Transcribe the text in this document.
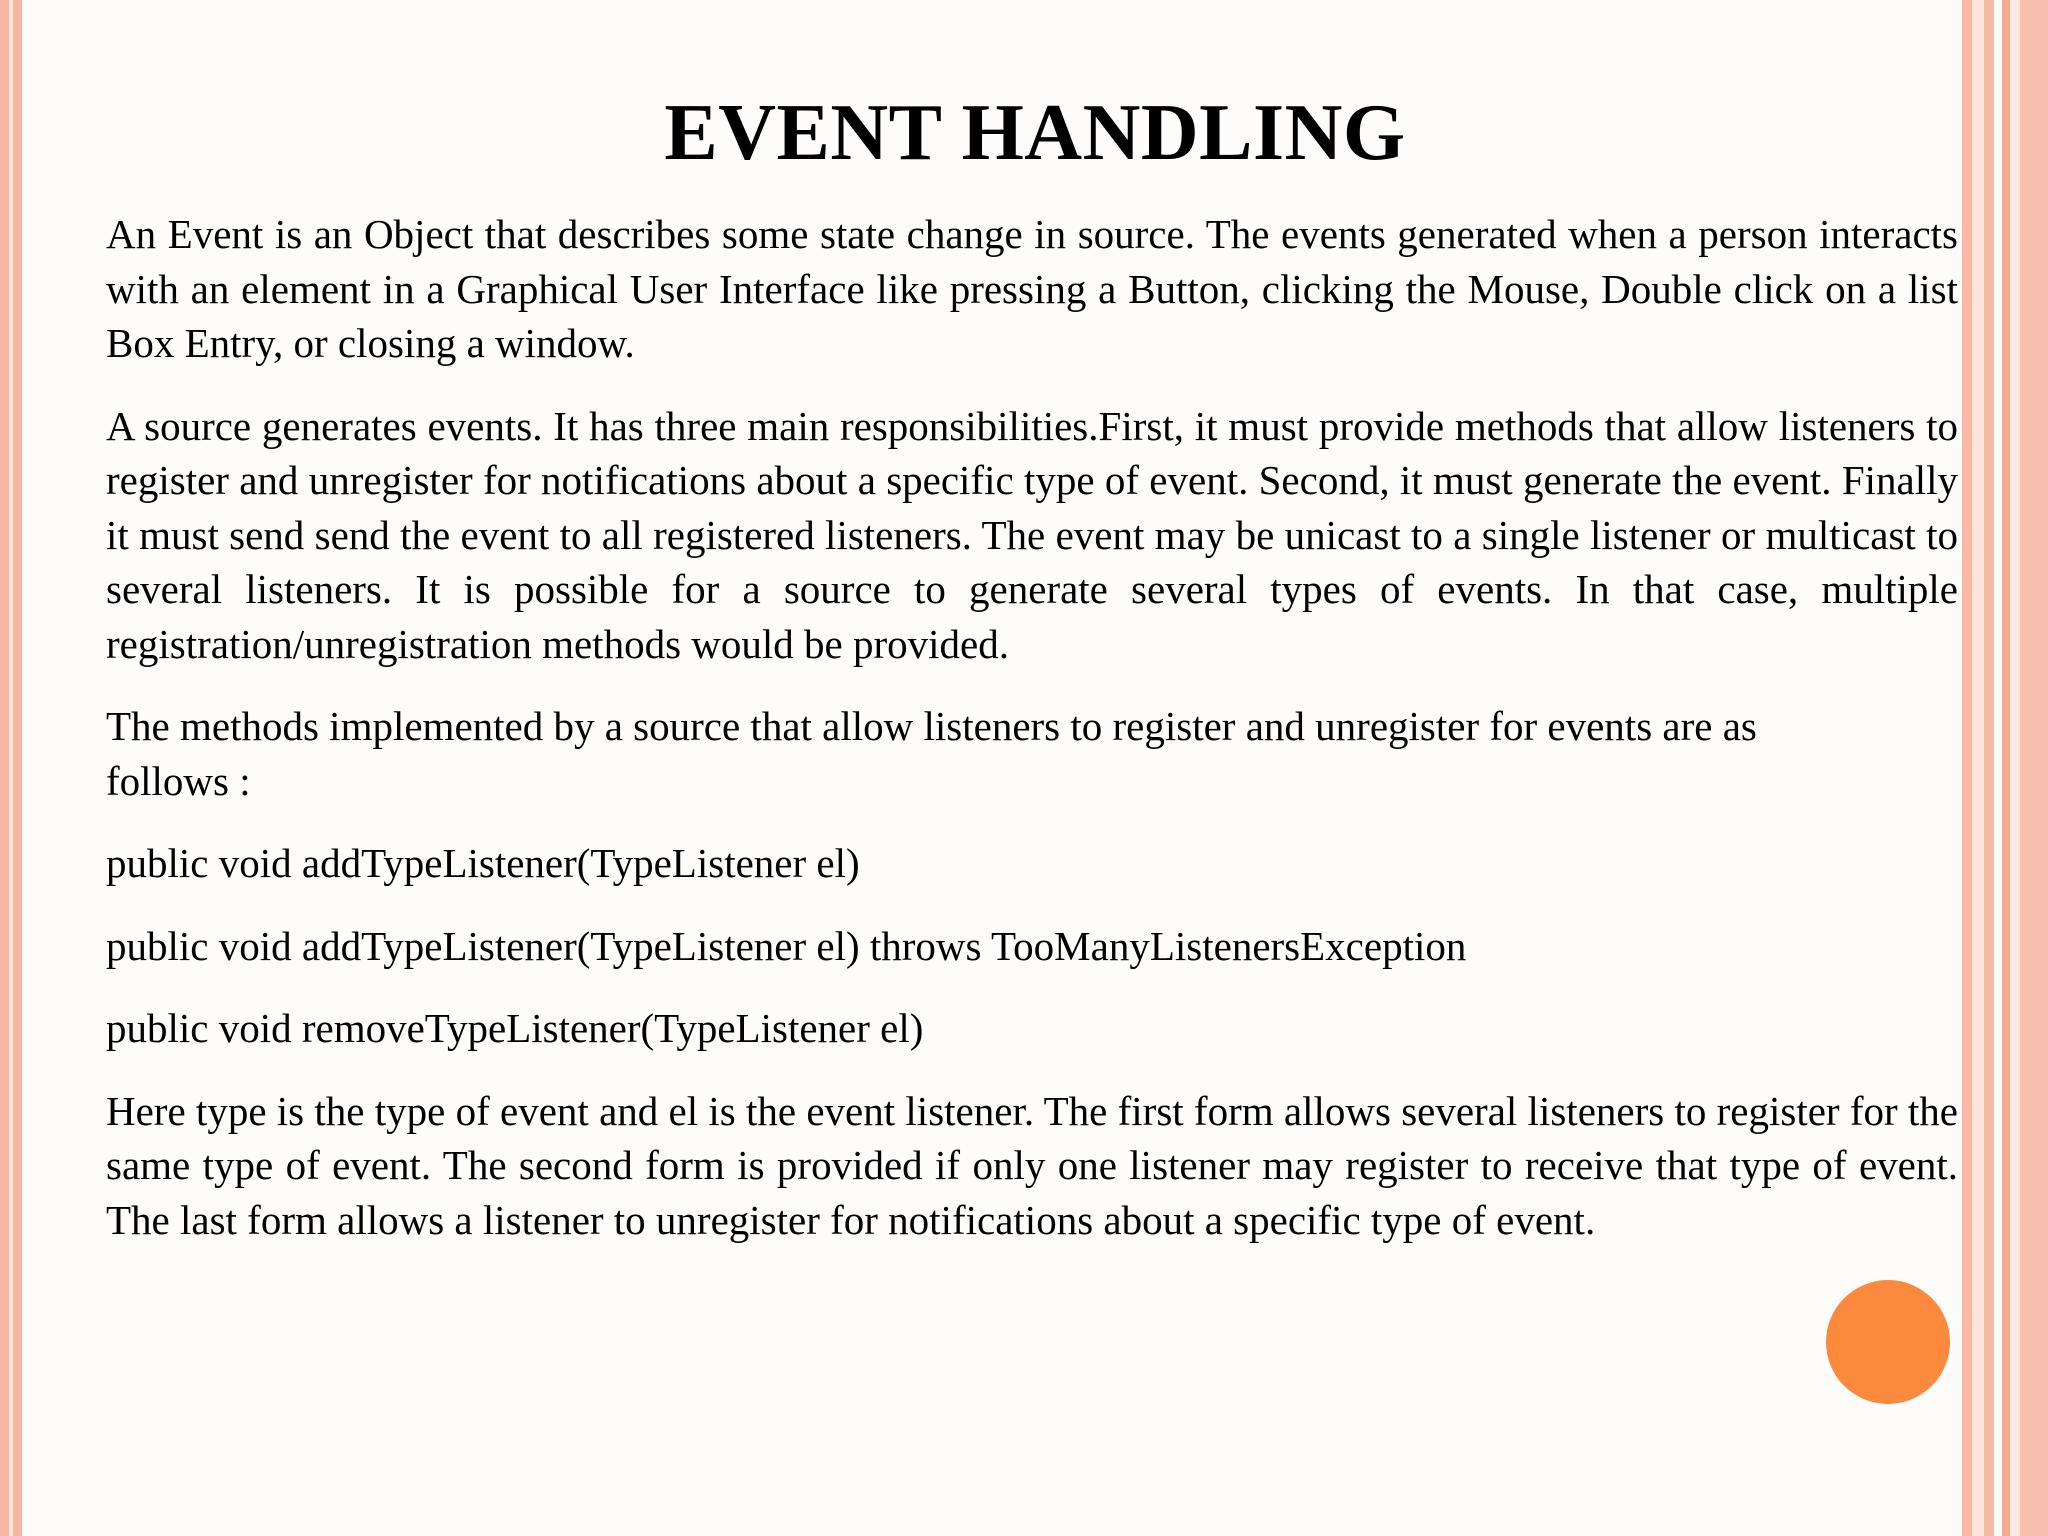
EVENT HANDLING

An Event is an Object that describes some state change in source. The events generated when a person interacts with an element in a Graphical User Interface like pressing a Button, clicking the Mouse, Double click on a list Box Entry, or closing a window.

A source generates events. It has three main responsibilities.First, it must provide methods that allow listeners to register and unregister for notifications about a specific type of event. Second, it must generate the event. Finally it must send send the event to all registered listeners. The event may be unicast to a single listener or multicast to several listeners. It is possible for a source to generate several types of events. In that case, multiple registration/unregistration methods would be provided.

The methods implemented by a source that allow listeners to register and unregister for events are as follows :

public void addTypeListener(TypeListener el)

public void addTypeListener(TypeListener el) throws TooManyListenersException

public void removeTypeListener(TypeListener el)

Here type is the type of event and el is the event listener. The first form allows several listeners to register for the same type of event. The second form is provided if only one listener may register to receive that type of event. The last form allows a listener to unregister for notifications about a specific type of event.
